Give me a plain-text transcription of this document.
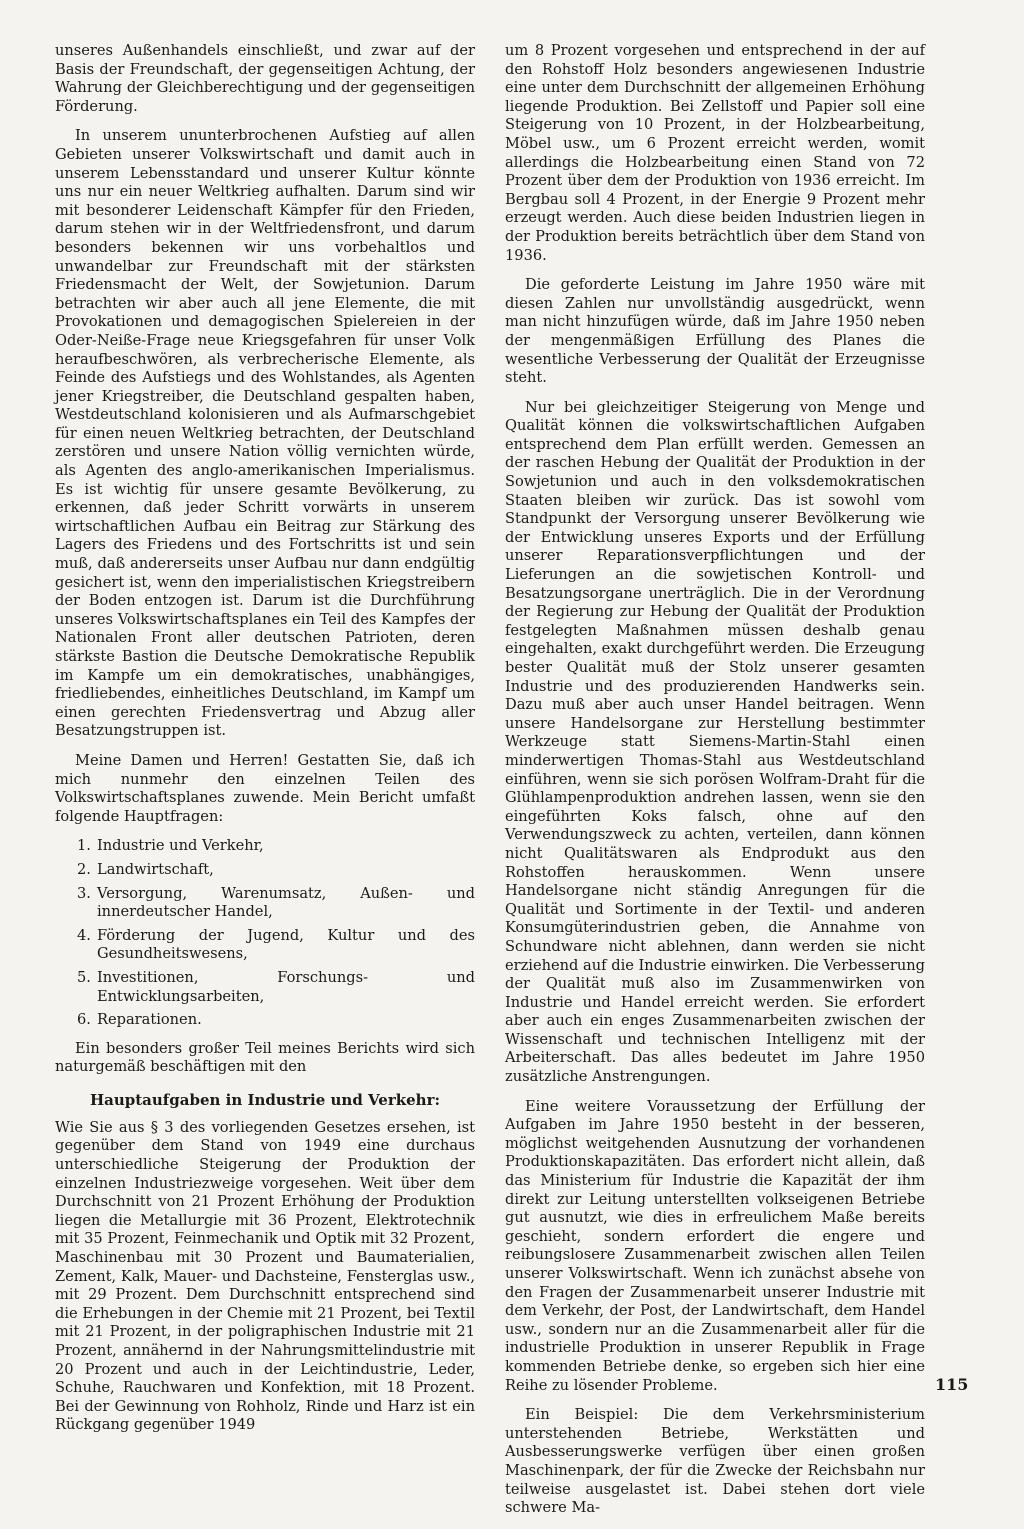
unseres Außenhandels einschließt, und zwar auf der Basis der Freundschaft, der gegenseitigen Achtung, der Wahrung der Gleichberechtigung und der gegenseitigen Förderung.

In unserem ununterbrochenen Aufstieg auf allen Gebieten unserer Volkswirtschaft und damit auch in unserem Lebensstandard und unserer Kultur könnte uns nur ein neuer Weltkrieg aufhalten. Darum sind wir mit besonderer Leidenschaft Kämpfer für den Frieden, darum stehen wir in der Weltfriedensfront, und darum besonders bekennen wir uns vorbehaltlos und unwandelbar zur Freundschaft mit der stärksten Friedensmacht der Welt, der Sowjetunion. Darum betrachten wir aber auch all jene Elemente, die mit Provokationen und demagogischen Spielereien in der Oder-Neiße-Frage neue Kriegsgefahren für unser Volk heraufbeschwören, als verbrecherische Elemente, als Feinde des Aufstiegs und des Wohlstandes, als Agenten jener Kriegstreiber, die Deutschland gespalten haben, Westdeutschland kolonisieren und als Aufmarschgebiet für einen neuen Weltkrieg betrachten, der Deutschland zerstören und unsere Nation völlig vernichten würde, als Agenten des anglo-amerikanischen Imperialismus. Es ist wichtig für unsere gesamte Bevölkerung, zu erkennen, daß jeder Schritt vorwärts in unserem wirtschaftlichen Aufbau ein Beitrag zur Stärkung des Lagers des Friedens und des Fortschritts ist und sein muß, daß andererseits unser Aufbau nur dann endgültig gesichert ist, wenn den imperialistischen Kriegstreibern der Boden entzogen ist. Darum ist die Durchführung unseres Volkswirtschaftsplanes ein Teil des Kampfes der Nationalen Front aller deutschen Patrioten, deren stärkste Bastion die Deutsche Demokratische Republik im Kampfe um ein demokratisches, unabhängiges, friedliebendes, einheitliches Deutschland, im Kampf um einen gerechten Friedensvertrag und Abzug aller Besatzungstruppen ist.

Meine Damen und Herren! Gestatten Sie, daß ich mich nunmehr den einzelnen Teilen des Volkswirtschaftsplanes zuwende. Mein Bericht umfaßt folgende Hauptfragen:

1. Industrie und Verkehr,
2. Landwirtschaft,
3. Versorgung, Warenumsatz, Außen- und innerdeutscher Handel,
4. Förderung der Jugend, Kultur und des Gesundheitswesens,
5. Investitionen, Forschungs- und Entwicklungsarbeiten,
6. Reparationen.

Ein besonders großer Teil meines Berichts wird sich naturgemäß beschäftigen mit den

Hauptaufgaben in Industrie und Verkehr:

Wie Sie aus § 3 des vorliegenden Gesetzes ersehen, ist gegenüber dem Stand von 1949 eine durchaus unterschiedliche Steigerung der Produktion der einzelnen Industriezweige vorgesehen. Weit über dem Durchschnitt von 21 Prozent Erhöhung der Produktion liegen die Metallurgie mit 36 Prozent, Elektrotechnik mit 35 Prozent, Feinmechanik und Optik mit 32 Prozent, Maschinenbau mit 30 Prozent und Baumaterialien, Zement, Kalk, Mauer- und Dachsteine, Fensterglas usw., mit 29 Prozent. Dem Durchschnitt entsprechend sind die Erhebungen in der Chemie mit 21 Prozent, bei Textil mit 21 Prozent, in der poligraphischen Industrie mit 21 Prozent, annähernd in der Nahrungsmittelindustrie mit 20 Prozent und auch in der Leichtindustrie, Leder, Schuhe, Rauchwaren und Konfektion, mit 18 Prozent. Bei der Gewinnung von Rohholz, Rinde und Harz ist ein Rückgang gegenüber 1949

um 8 Prozent vorgesehen und entsprechend in der auf den Rohstoff Holz besonders angewiesenen Industrie eine unter dem Durchschnitt der allgemeinen Erhöhung liegende Produktion. Bei Zellstoff und Papier soll eine Steigerung von 10 Prozent, in der Holzbearbeitung, Möbel usw., um 6 Prozent erreicht werden, womit allerdings die Holzbearbeitung einen Stand von 72 Prozent über dem der Produktion von 1936 erreicht. Im Bergbau soll 4 Prozent, in der Energie 9 Prozent mehr erzeugt werden. Auch diese beiden Industrien liegen in der Produktion bereits beträchtlich über dem Stand von 1936.

Die geforderte Leistung im Jahre 1950 wäre mit diesen Zahlen nur unvollständig ausgedrückt, wenn man nicht hinzufügen würde, daß im Jahre 1950 neben der mengenmäßigen Erfüllung des Planes die wesentliche Verbesserung der Qualität der Erzeugnisse steht.

Nur bei gleichzeitiger Steigerung von Menge und Qualität können die volkswirtschaftlichen Aufgaben entsprechend dem Plan erfüllt werden. Gemessen an der raschen Hebung der Qualität der Produktion in der Sowjetunion und auch in den volksdemokratischen Staaten bleiben wir zurück. Das ist sowohl vom Standpunkt der Versorgung unserer Bevölkerung wie der Entwicklung unseres Exports und der Erfüllung unserer Reparationsverpflichtungen und der Lieferungen an die sowjetischen Kontroll- und Besatzungsorgane unerträglich. Die in der Verordnung der Regierung zur Hebung der Qualität der Produktion festgelegten Maßnahmen müssen deshalb genau eingehalten, exakt durchgeführt werden. Die Erzeugung bester Qualität muß der Stolz unserer gesamten Industrie und des produzierenden Handwerks sein. Dazu muß aber auch unser Handel beitragen. Wenn unsere Handelsorgane zur Herstellung bestimmter Werkzeuge statt Siemens-Martin-Stahl einen minderwertigen Thomas-Stahl aus Westdeutschland einführen, wenn sie sich porösen Wolfram-Draht für die Glühlampenproduktion andrehen lassen, wenn sie den eingeführten Koks falsch, ohne auf den Verwendungszweck zu achten, verteilen, dann können nicht Qualitätswaren als Endprodukt aus den Rohstoffen herauskommen. Wenn unsere Handelsorgane nicht ständig Anregungen für die Qualität und Sortimente in der Textil- und anderen Konsumgüterindustrien geben, die Annahme von Schundware nicht ablehnen, dann werden sie nicht erziehend auf die Industrie einwirken. Die Verbesserung der Qualität muß also im Zusammenwirken von Industrie und Handel erreicht werden. Sie erfordert aber auch ein enges Zusammenarbeiten zwischen der Wissenschaft und technischen Intelligenz mit der Arbeiterschaft. Das alles bedeutet im Jahre 1950 zusätzliche Anstrengungen.

Eine weitere Voraussetzung der Erfüllung der Aufgaben im Jahre 1950 besteht in der besseren, möglichst weitgehenden Ausnutzung der vorhandenen Produktionskapazitäten. Das erfordert nicht allein, daß das Ministerium für Industrie die Kapazität der ihm direkt zur Leitung unterstellten volkseigenen Betriebe gut ausnutzt, wie dies in erfreulichem Maße bereits geschieht, sondern erfordert die engere und reibungslosere Zusammenarbeit zwischen allen Teilen unserer Volkswirtschaft. Wenn ich zunächst absehe von den Fragen der Zusammenarbeit unserer Industrie mit dem Verkehr, der Post, der Landwirtschaft, dem Handel usw., sondern nur an die Zusammenarbeit aller für die industrielle Produktion in unserer Republik in Frage kommenden Betriebe denke, so ergeben sich hier eine Reihe zu lösender Probleme.

Ein Beispiel: Die dem Verkehrsministerium unterstehenden Betriebe, Werkstätten und Ausbesserungswerke verfügen über einen großen Maschinenpark, der für die Zwecke der Reichsbahn nur teilweise ausgelastet ist. Dabei stehen dort viele schwere Ma-

115
